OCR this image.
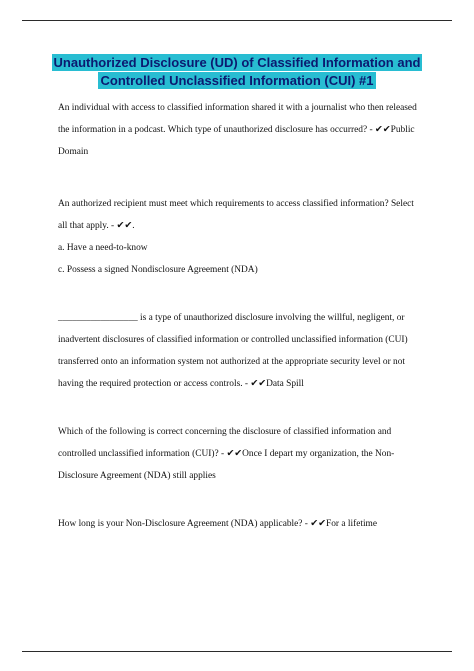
Unauthorized Disclosure (UD) of Classified Information and
Controlled Unclassified Information (CUI) #1
An individual with access to classified information shared it with a journalist who then released
the information in a podcast. Which type of unauthorized disclosure has occurred? - ✔✔Public
Domain
An authorized recipient must meet which requirements to access classified information? Select
all that apply. - ✔✔.
a. Have a need-to-know
c. Possess a signed Nondisclosure Agreement (NDA)
_________________ is a type of unauthorized disclosure involving the willful, negligent, or
inadvertent disclosures of classified information or controlled unclassified information (CUI)
transferred onto an information system not authorized at the appropriate security level or not
having the required protection or access controls. - ✔✔Data Spill
Which of the following is correct concerning the disclosure of classified information and
controlled unclassified information (CUI)? - ✔✔Once I depart my organization, the Non-
Disclosure Agreement (NDA) still applies
How long is your Non-Disclosure Agreement (NDA) applicable? - ✔✔For a lifetime
